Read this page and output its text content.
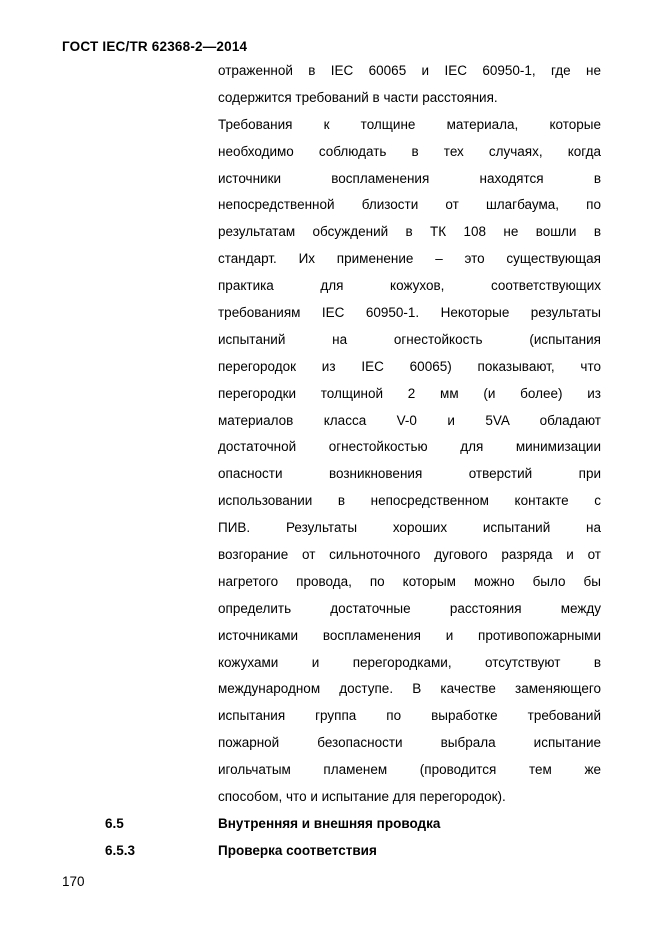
ГОСТ IEC/TR 62368-2—2014
отраженной в IEC 60065 и IEC 60950-1, где не
содержится требований в части расстояния.
Требования к толщине материала, которые
необходимо соблюдать в тех случаях, когда
источники воспламенения находятся в
непосредственной близости от шлагбаума, по
результатам обсуждений в ТК 108 не вошли в
стандарт. Их применение – это существующая
практика для кожухов, соответствующих
требованиям IEC 60950-1. Некоторые результаты
испытаний на огнестойкость (испытания
перегородок из IEC 60065) показывают, что
перегородки толщиной 2 мм (и более) из
материалов класса V-0 и 5VA обладают
достаточной огнестойкостью для минимизации
опасности возникновения отверстий при
использовании в непосредственном контакте с
ПИВ. Результаты хороших испытаний на
возгорание от сильноточного дугового разряда и от
нагретого провода, по которым можно было бы
определить достаточные расстояния между
источниками воспламенения и противопожарными
кожухами и перегородками, отсутствуют в
международном доступе. В качестве заменяющего
испытания группа по выработке требований
пожарной безопасности выбрала испытание
игольчатым пламенем (проводится тем же
способом, что и испытание для перегородок).
6.5	Внутренняя и внешняя проводка
6.5.3	Проверка соответствия
170
